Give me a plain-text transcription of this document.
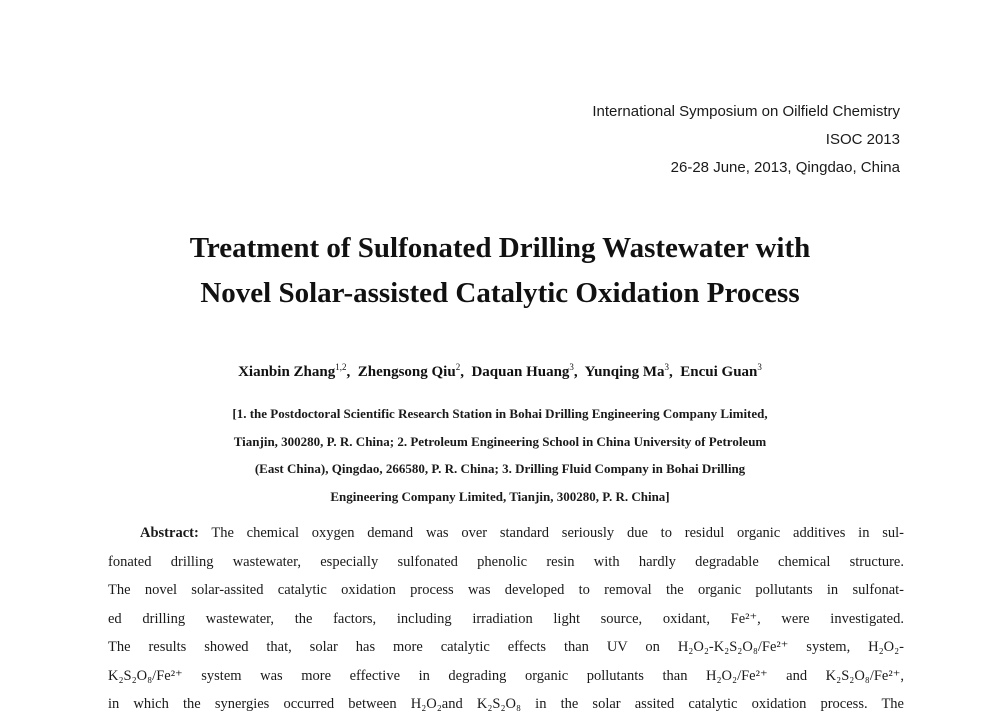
International Symposium on Oilfield Chemistry
ISOC 2013
26-28 June, 2013, Qingdao, China
Treatment of Sulfonated Drilling Wastewater with
Novel Solar-assisted Catalytic Oxidation Process
Xianbin Zhang$^{1,2}$,  Zhengsong Qiu$^2$,  Daquan Huang$^3$,  Yunqing Ma$^3$,  Encui Guan$^3$
[1. the Postdoctoral Scientific Research Station in Bohai Drilling Engineering Company Limited,
Tianjin, 300280, P. R. China; 2. Petroleum Engineering School in China University of Petroleum
(East China), Qingdao, 266580, P. R. China; 3. Drilling Fluid Company in Bohai Drilling
Engineering Company Limited, Tianjin, 300280, P. R. China]
Abstract: The chemical oxygen demand was over standard seriously due to residul organic additives in sul-
fonated drilling wastewater, especially sulfonated phenolic resin with hardly degradable chemical structure.
The novel solar-assited catalytic oxidation process was developed to removal the organic pollutants in sulfonat-
ed drilling wastewater, the factors, including irradiation light source, oxidant, Fe²⁺, were investigated.
The results showed that, solar has more catalytic effects than UV on H₂O₂-K₂S₂O₈/Fe²⁺ system, H₂O₂-
K₂S₂O₈/Fe²⁺ system was more effective in degrading organic pollutants than H₂O₂/Fe²⁺ and K₂S₂O₈/Fe²⁺,
in which the synergies occurred between H₂O₂and K₂S₂O₈ in the solar assited catalytic oxidation process. The
